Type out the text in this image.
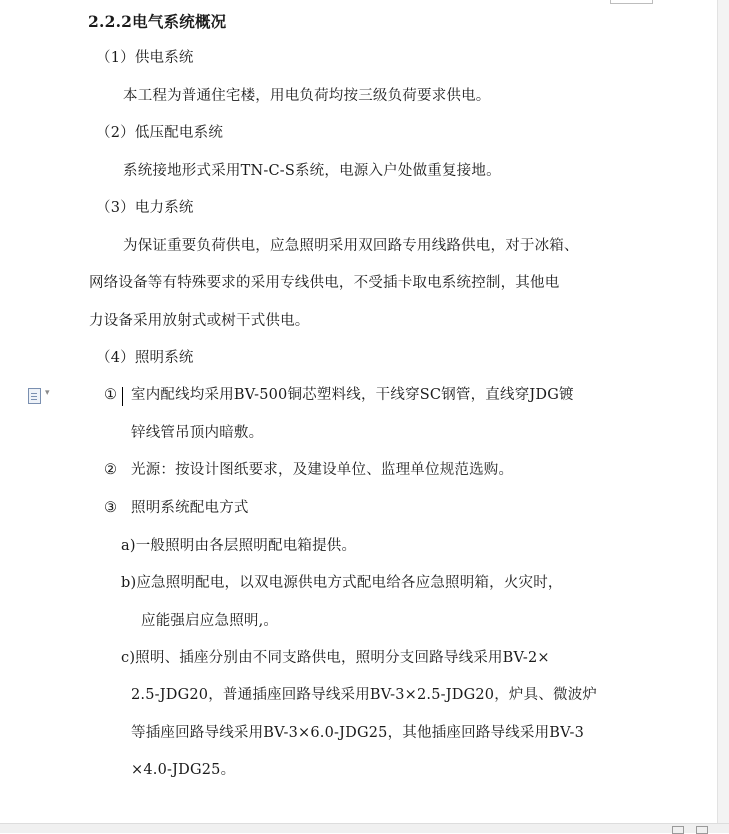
2.2.2电气系统概况
（1）供电系统
本工程为普通住宅楼，用电负荷均按三级负荷要求供电。
（2）低压配电系统
系统接地形式采用TN-C-S系统，电源入户处做重复接地。
（3）电力系统
为保证重要负荷供电，应急照明采用双回路专用线路供电，对于冰箱、
网络设备等有特殊要求的采用专线供电，不受插卡取电系统控制，其他电
力设备采用放射式或树干式供电。
（4）照明系统
▾	① 室内配线均采用BV-500铜芯塑料线，干线穿SC钢管，直线穿JDG镀
锌线管吊顶内暗敷。
② 光源：按设计图纸要求，及建设单位、监理单位规范选购。
③ 照明系统配电方式
a)一般照明由各层照明配电箱提供。
b)应急照明配电，以双电源供电方式配电给各应急照明箱，火灾时，
应能强启应急照明,。
c)照明、插座分别由不同支路供电，照明分支回路导线采用BV-2×
2.5-JDG20，普通插座回路导线采用BV-3×2.5-JDG20，炉具、微波炉
等插座回路导线采用BV-3×6.0-JDG25，其他插座回路导线采用BV-3
×4.0-JDG25。
